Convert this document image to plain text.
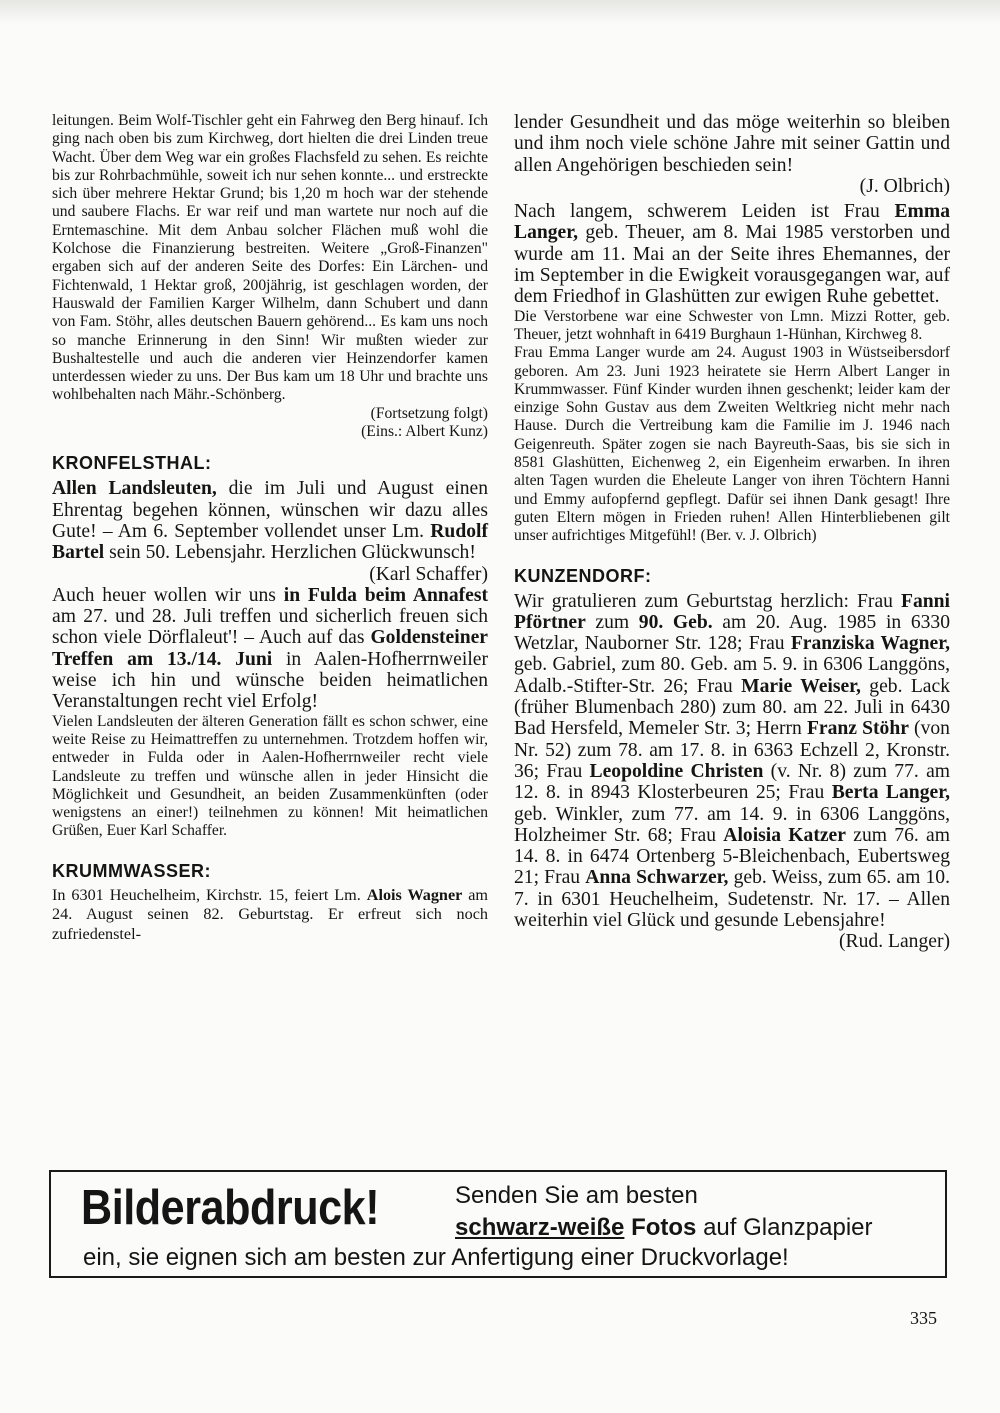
leitungen. Beim Wolf-Tischler geht ein Fahrweg den Berg hinauf. Ich ging nach oben bis zum Kirchweg, dort hielten die drei Linden treue Wacht. Über dem Weg war ein großes Flachsfeld zu sehen. Es reichte bis zur Rohrbachmühle, soweit ich nur sehen konnte... und erstreckte sich über mehrere Hektar Grund; bis 1,20 m hoch war der stehende und saubere Flachs. Er war reif und man wartete nur noch auf die Erntemaschine. Mit dem Anbau solcher Flächen muß wohl die Kolchose die Finanzierung bestreiten. Weitere „Groß-Finanzen" ergaben sich auf der anderen Seite des Dorfes: Ein Lärchen- und Fichtenwald, 1 Hektar groß, 200jährig, ist geschlagen worden, der Hauswald der Familien Karger Wilhelm, dann Schubert und dann von Fam. Stöhr, alles deutschen Bauern gehörend... Es kam uns noch so manche Erinnerung in den Sinn! Wir mußten wieder zur Bushaltestelle und auch die anderen vier Heinzendorfer kamen unterdessen wieder zu uns. Der Bus kam um 18 Uhr und brachte uns wohlbehalten nach Mähr.-Schönberg.

(Fortsetzung folgt)

(Eins.: Albert Kunz)

KRONFELSTHAL:

Allen Landsleuten, die im Juli und August einen Ehrentag begehen können, wünschen wir dazu alles Gute! – Am 6. September vollendet unser Lm. Rudolf Bartel sein 50. Lebensjahr. Herzlichen Glückwunsch!

(Karl Schaffer)

Auch heuer wollen wir uns in Fulda beim Annafest am 27. und 28. Juli treffen und sicherlich freuen sich schon viele Dörflaleut'! – Auch auf das Goldensteiner Treffen am 13./14. Juni in Aalen-Hofherrnweiler weise ich hin und wünsche beiden heimatlichen Veranstaltungen recht viel Erfolg!

Vielen Landsleuten der älteren Generation fällt es schon schwer, eine weite Reise zu Heimattreffen zu unternehmen. Trotzdem hoffen wir, entweder in Fulda oder in Aalen-Hofherrnweiler recht viele Landsleute zu treffen und wünsche allen in jeder Hinsicht die Möglichkeit und Gesundheit, an beiden Zusammenkünften (oder wenigstens an einer!) teilnehmen zu können! Mit heimatlichen Grüßen, Euer Karl Schaffer.

KRUMMWASSER:

In 6301 Heuchelheim, Kirchstr. 15, feiert Lm. Alois Wagner am 24. August seinen 82. Geburtstag. Er erfreut sich noch zufriedenstel-

lender Gesundheit und das möge weiterhin so bleiben und ihm noch viele schöne Jahre mit seiner Gattin und allen Angehörigen beschieden sein!

(J. Olbrich)

Nach langem, schwerem Leiden ist Frau Emma Langer, geb. Theuer, am 8. Mai 1985 verstorben und wurde am 11. Mai an der Seite ihres Ehemannes, der im September in die Ewigkeit vorausgegangen war, auf dem Friedhof in Glashütten zur ewigen Ruhe gebettet.

Die Verstorbene war eine Schwester von Lmn. Mizzi Rotter, geb. Theuer, jetzt wohnhaft in 6419 Burghaun 1-Hünhan, Kirchweg 8.

Frau Emma Langer wurde am 24. August 1903 in Wüstseibersdorf geboren. Am 23. Juni 1923 heiratete sie Herrn Albert Langer in Krummwasser. Fünf Kinder wurden ihnen geschenkt; leider kam der einzige Sohn Gustav aus dem Zweiten Weltkrieg nicht mehr nach Hause. Durch die Vertreibung kam die Familie im J. 1946 nach Geigenreuth. Später zogen sie nach Bayreuth-Saas, bis sie sich in 8581 Glashütten, Eichenweg 2, ein Eigenheim erwarben. In ihren alten Tagen wurden die Eheleute Langer von ihren Töchtern Hanni und Emmy aufopfernd gepflegt. Dafür sei ihnen Dank gesagt! Ihre guten Eltern mögen in Frieden ruhen! Allen Hinterbliebenen gilt unser aufrichtiges Mitgefühl! (Ber. v. J. Olbrich)

KUNZENDORF:

Wir gratulieren zum Geburtstag herzlich: Frau Fanni Pförtner zum 90. Geb. am 20. Aug. 1985 in 6330 Wetzlar, Nauborner Str. 128; Frau Franziska Wagner, geb. Gabriel, zum 80. Geb. am 5. 9. in 6306 Langgöns, Adalb.-Stifter-Str. 26; Frau Marie Weiser, geb. Lack (früher Blumenbach 280) zum 80. am 22. Juli in 6430 Bad Hersfeld, Memeler Str. 3; Herrn Franz Stöhr (von Nr. 52) zum 78. am 17. 8. in 6363 Echzell 2, Kronstr. 36; Frau Leopoldine Christen (v. Nr. 8) zum 77. am 12. 8. in 8943 Klosterbeuren 25; Frau Berta Langer, geb. Winkler, zum 77. am 14. 9. in 6306 Langgöns, Holzheimer Str. 68; Frau Aloisia Katzer zum 76. am 14. 8. in 6474 Ortenberg 5-Bleichenbach, Eubertsweg 21; Frau Anna Schwarzer, geb. Weiss, zum 65. am 10. 7. in 6301 Heuchelheim, Sudetenstr. Nr. 17. – Allen weiterhin viel Glück und gesunde Lebensjahre!

(Rud. Langer)

Bilderabdruck!	Senden Sie am besten
schwarz-weiße Fotos auf Glanzpapier
ein, sie eignen sich am besten zur Anfertigung einer Druckvorlage!
335
